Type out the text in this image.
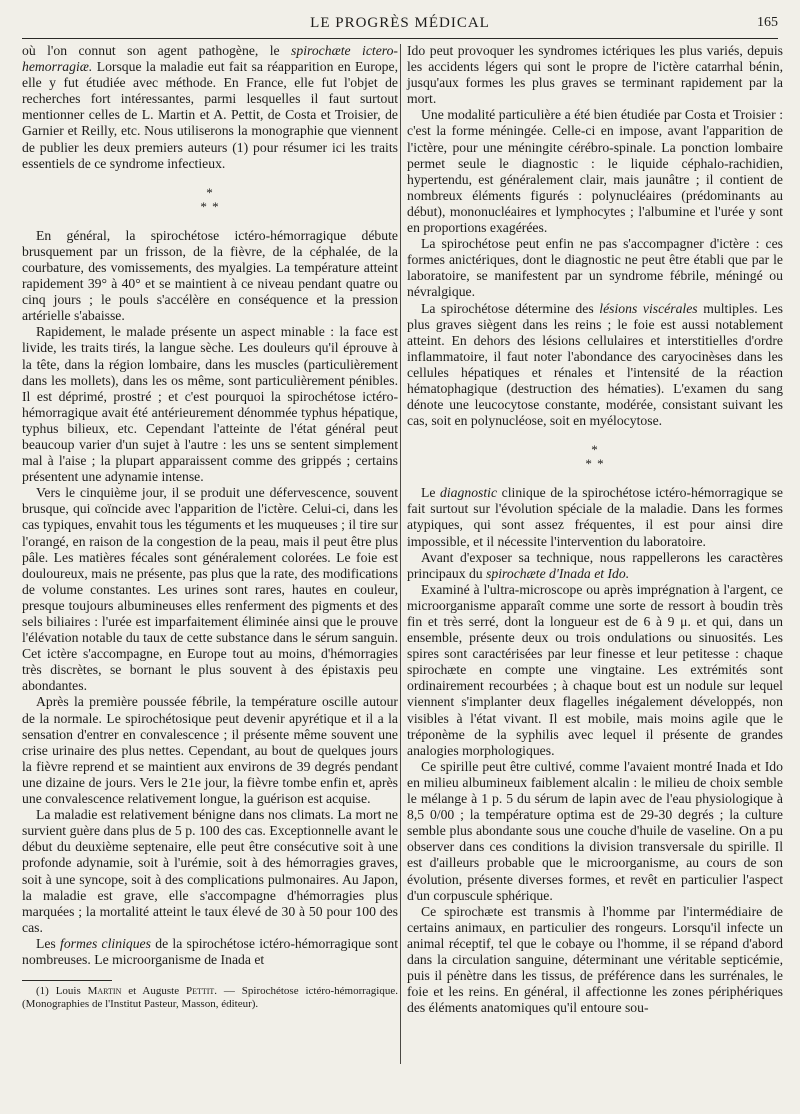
LE PROGRÈS MÉDICAL	165

où l'on connut son agent pathogène, le spirochæte ictero-hemorragiæ. Lorsque la maladie eut fait sa réapparition en Europe, elle y fut étudiée avec méthode. En France, elle fut l'objet de recherches fort intéressantes, parmi lesquelles il faut surtout mentionner celles de L. Martin et A. Pettit, de Costa et Troisier, de Garnier et Reilly, etc. Nous utiliserons la monographie que viennent de publier les deux premiers auteurs (1) pour résumer ici les traits essentiels de ce syndrome infectieux.

*
* *

En général, la spirochétose ictéro-hémorragique débute brusquement par un frisson, de la fièvre, de la céphalée, de la courbature, des vomissements, des myalgies. La température atteint rapidement 39° à 40° et se maintient à ce niveau pendant quatre ou cinq jours ; le pouls s'accélère en conséquence et la pression artérielle s'abaisse.

Rapidement, le malade présente un aspect minable : la face est livide, les traits tirés, la langue sèche. Les douleurs qu'il éprouve à la tête, dans la région lombaire, dans les muscles (particulièrement dans les mollets), dans les os même, sont particulièrement pénibles. Il est déprimé, prostré ; et c'est pourquoi la spirochétose ictéro-hémorragique avait été antérieurement dénommée typhus hépatique, typhus bilieux, etc. Cependant l'atteinte de l'état général peut beaucoup varier d'un sujet à l'autre : les uns se sentent simplement mal à l'aise ; la plupart apparaissent comme des grippés ; certains présentent une adynamie intense.

Vers le cinquième jour, il se produit une défervescence, souvent brusque, qui coïncide avec l'apparition de l'ictère. Celui-ci, dans les cas typiques, envahit tous les téguments et les muqueuses ; il tire sur l'orangé, en raison de la congestion de la peau, mais il peut être plus pâle. Les matières fécales sont généralement colorées. Le foie est douloureux, mais ne présente, pas plus que la rate, des modifications de volume constantes. Les urines sont rares, hautes en couleur, presque toujours albumineuses elles renferment des pigments et des sels biliaires : l'urée est imparfaitement éliminée ainsi que le prouve l'élévation notable du taux de cette substance dans le sérum sanguin. Cet ictère s'accompagne, en Europe tout au moins, d'hémorragies très discrètes, se bornant le plus souvent à des épistaxis peu abondantes.

Après la première poussée fébrile, la température oscille autour de la normale. Le spirochétosique peut devenir apyrétique et il a la sensation d'entrer en convalescence ; il présente même souvent une crise urinaire des plus nettes. Cependant, au bout de quelques jours la fièvre reprend et se maintient aux environs de 39 degrés pendant une dizaine de jours. Vers le 21e jour, la fièvre tombe enfin et, après une convalescence relativement longue, la guérison est acquise.

La maladie est relativement bénigne dans nos climats. La mort ne survient guère dans plus de 5 p. 100 des cas. Exceptionnelle avant le début du deuxième septenaire, elle peut être consécutive soit à une profonde adynamie, soit à l'urémie, soit à des hémorragies graves, soit à une syncope, soit à des complications pulmonaires. Au Japon, la maladie est grave, elle s'accompagne d'hémorragies plus marquées ; la mortalité atteint le taux élevé de 30 à 50 pour 100 des cas.

Les formes cliniques de la spirochétose ictéro-hémorragique sont nombreuses. Le microorganisme de Inada et

(1) Louis Martin et Auguste Pettit. — Spirochétose ictéro-hémorragique. (Monographies de l'Institut Pasteur, Masson, éditeur).

Ido peut provoquer les syndromes ictériques les plus variés, depuis les accidents légers qui sont le propre de l'ictère catarrhal bénin, jusqu'aux formes les plus graves se terminant rapidement par la mort.

Une modalité particulière a été bien étudiée par Costa et Troisier : c'est la forme méningée. Celle-ci en impose, avant l'apparition de l'ictère, pour une méningite cérébro-spinale. La ponction lombaire permet seule le diagnostic : le liquide céphalo-rachidien, hypertendu, est généralement clair, mais jaunâtre ; il contient de nombreux éléments figurés : polynucléaires (prédominants au début), mononucléaires et lymphocytes ; l'albumine et l'urée y sont en proportions exagérées.

La spirochétose peut enfin ne pas s'accompagner d'ictère : ces formes anictériques, dont le diagnostic ne peut être établi que par le laboratoire, se manifestent par un syndrome fébrile, méningé ou névralgique.

La spirochétose détermine des lésions viscérales multiples. Les plus graves siègent dans les reins ; le foie est aussi notablement atteint. En dehors des lésions cellulaires et interstitielles d'ordre inflammatoire, il faut noter l'abondance des caryocinèses dans les cellules hépatiques et rénales et l'intensité de la réaction hématophagique (destruction des hématies). L'examen du sang dénote une leucocytose constante, modérée, consistant suivant les cas, soit en polynucléose, soit en myélocytose.

*
* *

Le diagnostic clinique de la spirochétose ictéro-hémorragique se fait surtout sur l'évolution spéciale de la maladie. Dans les formes atypiques, qui sont assez fréquentes, il est pour ainsi dire impossible, et il nécessite l'intervention du laboratoire.

Avant d'exposer sa technique, nous rappellerons les caractères principaux du spirochæte d'Inada et Ido.

Examiné à l'ultra-microscope ou après imprégnation à l'argent, ce microorganisme apparaît comme une sorte de ressort à boudin très fin et très serré, dont la longueur est de 6 à 9 μ. et qui, dans un ensemble, présente deux ou trois ondulations ou sinuosités. Les spires sont caractérisées par leur finesse et leur petitesse : chaque spirochæte en compte une vingtaine. Les extrémités sont ordinairement recourbées ; à chaque bout est un nodule sur lequel viennent s'implanter deux flagelles inégalement développés, non visibles à l'état vivant. Il est mobile, mais moins agile que le tréponème de la syphilis avec lequel il présente de grandes analogies morphologiques.

Ce spirille peut être cultivé, comme l'avaient montré Inada et Ido en milieu albumineux faiblement alcalin : le milieu de choix semble le mélange à 1 p. 5 du sérum de lapin avec de l'eau physiologique à 8,5 0/00 ; la température optima est de 29-30 degrés ; la culture semble plus abondante sous une couche d'huile de vaseline. On a pu observer dans ces conditions la division transversale du spirille. Il est d'ailleurs probable que le microorganisme, au cours de son évolution, présente diverses formes, et revêt en particulier l'aspect d'un corpuscule sphérique.

Ce spirochæte est transmis à l'homme par l'intermédiaire de certains animaux, en particulier des rongeurs. Lorsqu'il infecte un animal réceptif, tel que le cobaye ou l'homme, il se répand d'abord dans la circulation sanguine, déterminant une véritable septicémie, puis il pénètre dans les tissus, de préférence dans les surrénales, le foie et les reins. En général, il affectionne les zones périphériques des éléments anatomiques qu'il entoure sou-
